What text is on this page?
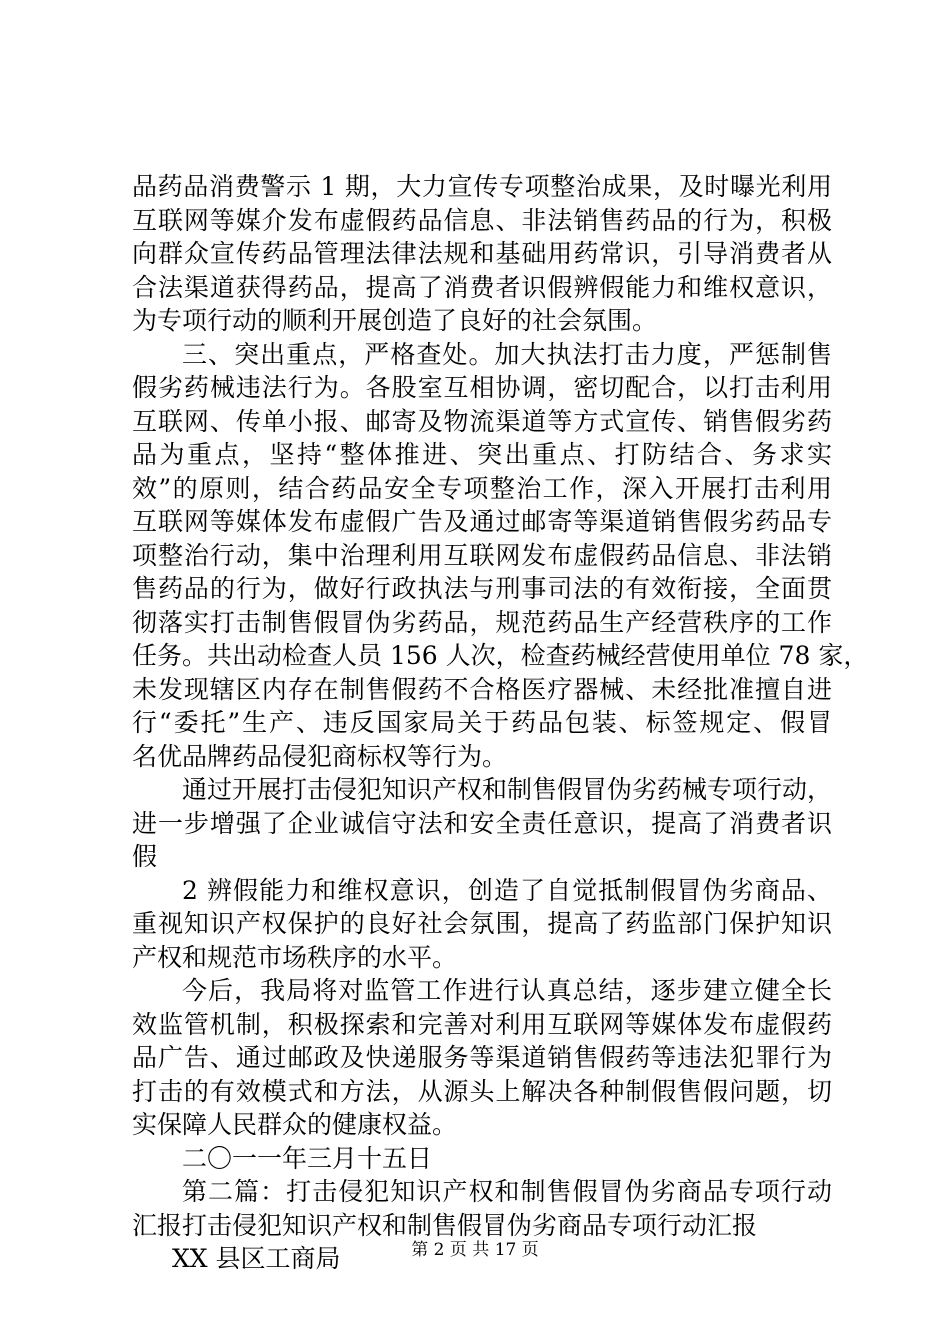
品药品消费警示 1 期，大力宣传专项整治成果，及时曝光利用
互联网等媒介发布虚假药品信息、非法销售药品的行为，积极
向群众宣传药品管理法律法规和基础用药常识，引导消费者从
合法渠道获得药品，提高了消费者识假辨假能力和维权意识，
为专项行动的顺利开展创造了良好的社会氛围。
三、突出重点，严格查处。加大执法打击力度，严惩制售
假劣药械违法行为。各股室互相协调，密切配合，以打击利用
互联网、传单小报、邮寄及物流渠道等方式宣传、销售假劣药
品为重点，坚持“整体推进、突出重点、打防结合、务求实
效”的原则，结合药品安全专项整治工作，深入开展打击利用
互联网等媒体发布虚假广告及通过邮寄等渠道销售假劣药品专
项整治行动，集中治理利用互联网发布虚假药品信息、非法销
售药品的行为，做好行政执法与刑事司法的有效衔接，全面贯
彻落实打击制售假冒伪劣药品，规范药品生产经营秩序的工作
任务。共出动检查人员 156 人次，检查药械经营使用单位 78 家，
未发现辖区内存在制售假药不合格医疗器械、未经批准擅自进
行“委托”生产、违反国家局关于药品包装、标签规定、假冒
名优品牌药品侵犯商标权等行为。
通过开展打击侵犯知识产权和制售假冒伪劣药械专项行动，
进一步增强了企业诚信守法和安全责任意识，提高了消费者识
假
2 辨假能力和维权意识，创造了自觉抵制假冒伪劣商品、
重视知识产权保护的良好社会氛围，提高了药监部门保护知识
产权和规范市场秩序的水平。
今后，我局将对监管工作进行认真总结，逐步建立健全长
效监管机制，积极探索和完善对利用互联网等媒体发布虚假药
品广告、通过邮政及快递服务等渠道销售假药等违法犯罪行为
打击的有效模式和方法，从源头上解决各种制假售假问题，切
实保障人民群众的健康权益。
二〇一一年三月十五日
第二篇：打击侵犯知识产权和制售假冒伪劣商品专项行动
汇报打击侵犯知识产权和制售假冒伪劣商品专项行动汇报
XX 县区工商局	第 2 页 共 17 页
